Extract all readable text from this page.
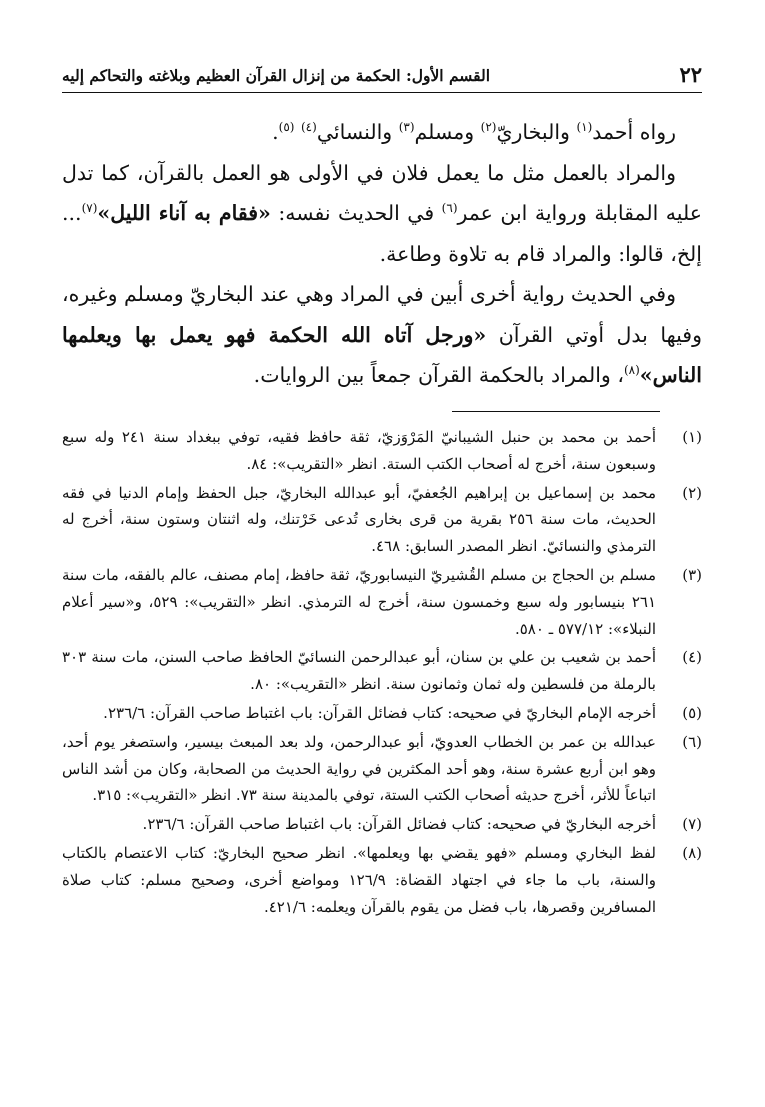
٢٢
القسم الأول: الحكمة من إنزال القرآن العظيم وبلاغته والتحاكم إليه

رواه أحمد$^{(١)}$ والبخاريّ$^{(٢)}$ ومسلم$^{(٣)}$ والنسائي$^{(٤)}$ $^{(٥)}$.

والمراد بالعمل مثل ما يعمل فلان في الأولى هو العمل بالقرآن، كما تدل عليه المقابلة ورواية ابن عمر$^{(٦)}$ في الحديث نفسه: «فقام به آناء الليل»$^{(٧)}$... إلخ، قالوا: والمراد قام به تلاوة وطاعة.

وفي الحديث رواية أخرى أبين في المراد وهي عند البخاريّ ومسلم وغيره، وفيها بدل أوتي القرآن «ورجل آتاه الله الحكمة فهو يعمل بها ويعلمها الناس»$^{(٨)}$، والمراد بالحكمة القرآن جمعاً بين الروايات.

(١)
أحمد بن محمد بن حنبل الشيبانيّ المَرْوَزيّ، ثقة حافظ فقيه، توفي ببغداد سنة ٢٤١ وله سبع وسبعون سنة، أخرج له أصحاب الكتب الستة. انظر «التقريب»: ٨٤.
(٢)
محمد بن إسماعيل بن إبراهيم الجُعفيّ، أبو عبدالله البخاريّ، جبل الحفظ وإمام الدنيا في فقه الحديث، مات سنة ٢٥٦ بقرية من قرى بخارى تُدعى خَرْتنك، وله اثنتان وستون سنة، أخرج له الترمذي والنسائيّ. انظر المصدر السابق: ٤٦٨.
(٣)
مسلم بن الحجاج بن مسلم القُشيريّ النيسابوريّ، ثقة حافظ، إمام مصنف، عالم بالفقه، مات سنة ٢٦١ بنيسابور وله سبع وخمسون سنة، أخرج له الترمذي. انظر «التقريب»: ٥٢٩، و«سير أعلام النبلاء»: ٥٧٧/١٢ ـ ٥٨٠.
(٤)
أحمد بن شعيب بن علي بن سنان، أبو عبدالرحمن النسائيّ الحافظ صاحب السنن، مات سنة ٣٠٣ بالرملة من فلسطين وله ثمان وثمانون سنة. انظر «التقريب»: ٨٠.
(٥)
أخرجه الإمام البخاريّ في صحيحه: كتاب فضائل القرآن: باب اغتباط صاحب القرآن: ٢٣٦/٦.
(٦)
عبدالله بن عمر بن الخطاب العدويّ، أبو عبدالرحمن، ولد بعد المبعث بيسير، واستصغر يوم أحد، وهو ابن أربع عشرة سنة، وهو أحد المكثرين في رواية الحديث من الصحابة، وكان من أشد الناس اتباعاً للأثر، أخرج حديثه أصحاب الكتب الستة، توفي بالمدينة سنة ٧٣. انظر «التقريب»: ٣١٥.
(٧)
أخرجه البخاريّ في صحيحه: كتاب فضائل القرآن: باب اغتباط صاحب القرآن: ٢٣٦/٦.
(٨)
لفظ البخاري ومسلم «فهو يقضي بها ويعلمها». انظر صحيح البخاريّ: كتاب الاعتصام بالكتاب والسنة، باب ما جاء في اجتهاد القضاة: ١٢٦/٩ ومواضع أخرى، وصحيح مسلم: كتاب صلاة المسافرين وقصرها، باب فضل من يقوم بالقرآن ويعلمه: ٤٢١/٦.
